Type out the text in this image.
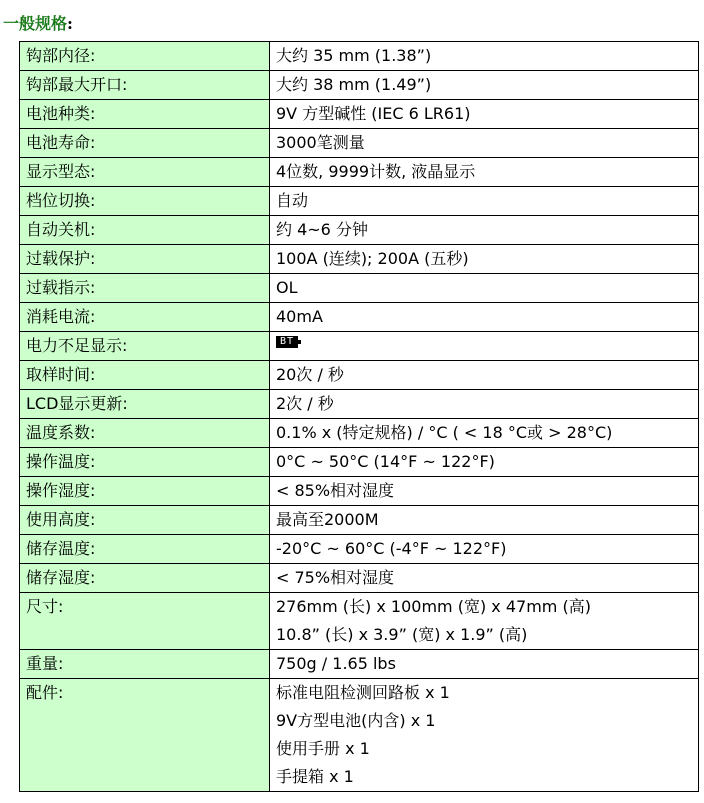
一般规格:
钩部内径:	大约 35 mm (1.38”)

钩部最大开口:	大约 38 mm (1.49”)

电池种类:	9V 方型碱性 (IEC 6 LR61)

电池寿命:	3000笔测量

显示型态:	4位数, 9999计数, 液晶显示

档位切换:	自动

自动关机:	约 4~6 分钟

过载保护:	100A (连续); 200A (五秒)

过载指示:	OL

消耗电流:	40mA

电力不足显示:	BT
取样时间:	20次 / 秒

LCD显示更新:	2次 / 秒

温度系数:	0.1% x (特定规格) / °C ( < 18 °C或 > 28°C)

操作温度:	0°C ~ 50°C (14°F ~ 122°F)

操作湿度:	< 85%相对湿度

使用高度:	最高至2000M

储存温度:	-20°C ~ 60°C (-4°F ~ 122°F)

储存湿度:	< 75%相对湿度

尺寸:	276mm (长) x 100mm (宽) x 47mm (高)
10.8” (长) x 3.9” (宽) x 1.9” (高)

重量:	750g / 1.65 lbs

配件:	标准电阻检测回路板 x 1
9V方型电池(内含) x 1
使用手册 x 1
手提箱 x 1
